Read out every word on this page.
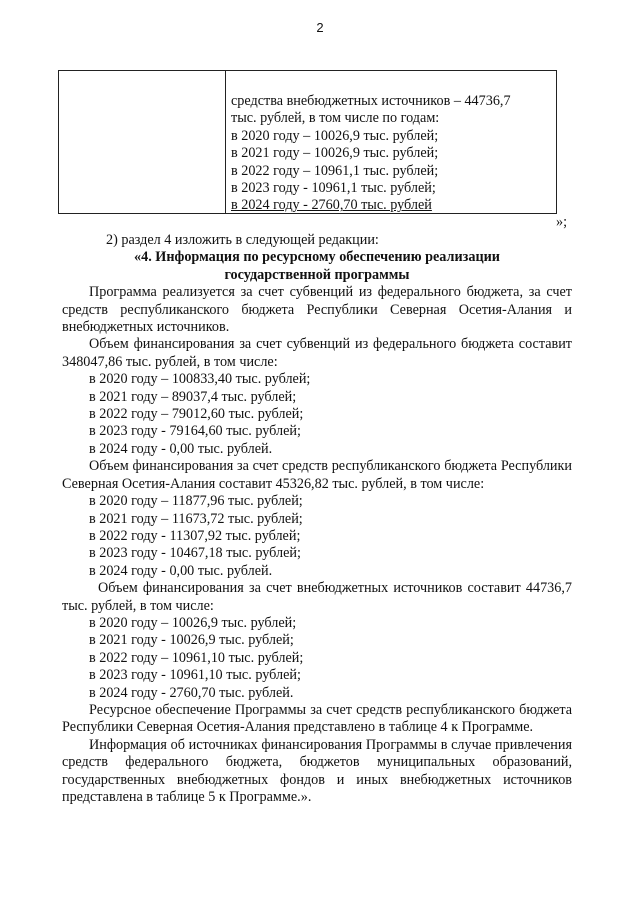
2
средства внебюджетных источников – 44736,7
тыс. рублей, в том числе по годам:
в 2020 году – 10026,9 тыс. рублей;
в 2021 году – 10026,9 тыс. рублей;
в 2022 году – 10961,1 тыс. рублей;
в 2023 году - 10961,1 тыс. рублей;
в 2024 году - 2760,70 тыс. рублей
»;
2) раздел 4 изложить в следующей редакции:
«4. Информация по ресурсному обеспечению реализации
государственной программы
Программа реализуется за счет субвенций из федерального бюджета, за счет средств республиканского бюджета Республики Северная Осетия-Алания и внебюджетных источников.
Объем финансирования за счет субвенций из федерального бюджета составит 348047,86 тыс. рублей, в том числе:
в 2020 году – 100833,40 тыс. рублей;
в 2021 году – 89037,4 тыс. рублей;
в 2022 году – 79012,60 тыс. рублей;
в 2023 году - 79164,60 тыс. рублей;
в 2024 году - 0,00 тыс. рублей.
Объем финансирования за счет средств республиканского бюджета Республики Северная Осетия-Алания составит 45326,82 тыс. рублей, в том числе:
в 2020 году – 11877,96 тыс. рублей;
в 2021 году – 11673,72 тыс. рублей;
в 2022 году - 11307,92 тыс. рублей;
в 2023 году - 10467,18 тыс. рублей;
в 2024 году - 0,00 тыс. рублей.
Объем финансирования за счет внебюджетных источников составит 44736,7 тыс. рублей, в том числе:
в 2020 году – 10026,9 тыс. рублей;
в 2021 году - 10026,9 тыс. рублей;
в 2022 году – 10961,10 тыс. рублей;
в 2023 году - 10961,10 тыс. рублей;
в 2024 году - 2760,70 тыс. рублей.
Ресурсное обеспечение Программы за счет средств республиканского бюджета Республики Северная Осетия-Алания представлено в таблице 4 к Программе.
Информация об источниках финансирования Программы в случае привлечения средств федерального бюджета, бюджетов муниципальных образований, государственных внебюджетных фондов и иных внебюджетных источников представлена в таблице 5 к Программе.».
